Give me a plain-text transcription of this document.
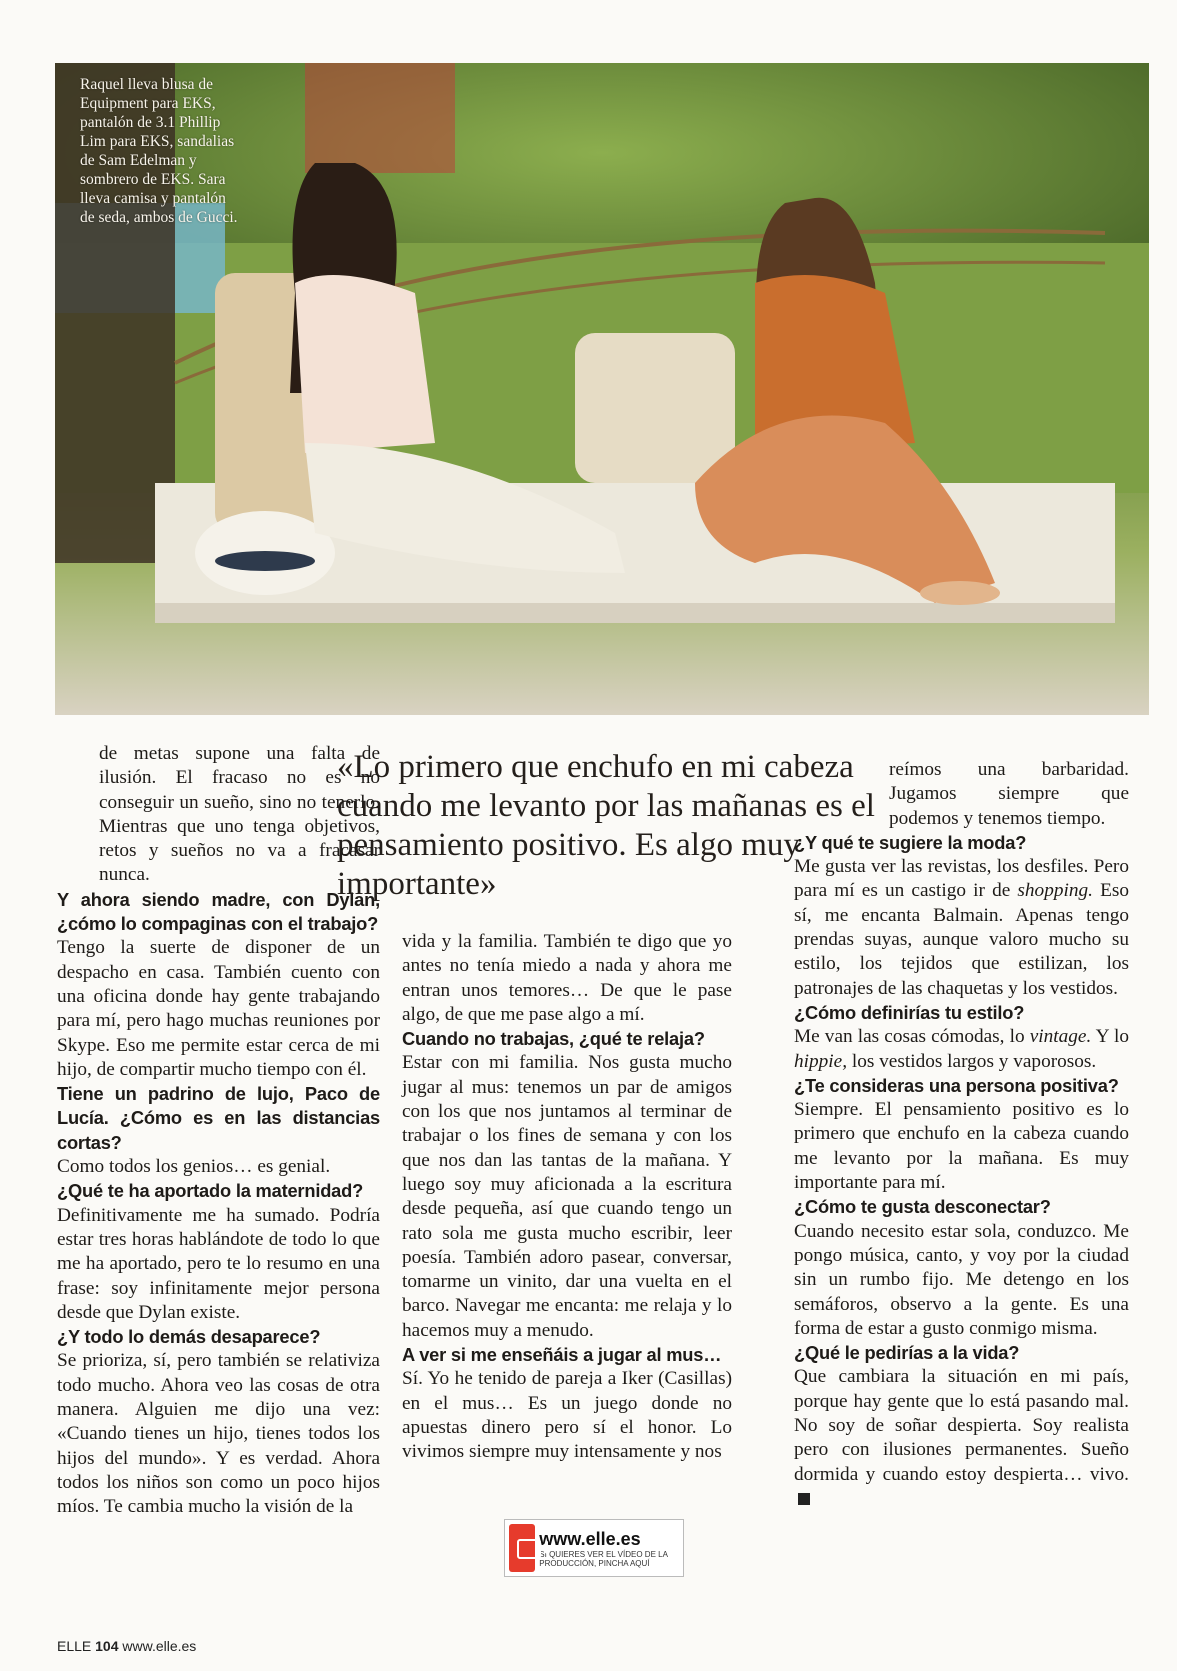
Raquel lleva blusa de Equipment para EKS, pantalón de 3.1 Phillip Lim para EKS, sandalias de Sam Edelman y sombrero de EKS. Sara lleva camisa y pantalón de seda, ambos de Gucci.
«Lo primero que enchufo en mi cabeza cuando me levanto por las mañanas es el pensamiento positivo. Es algo muy importante»

de metas supone una falta de ilusión. El fracaso no es no conseguir un sueño, sino no tenerlo. Mientras que uno tenga objetivos, retos y sueños no va a fracasar nunca.

Y ahora siendo madre, con Dylan, ¿cómo lo compaginas con el trabajo?

Tengo la suerte de disponer de un despacho en casa. También cuento con una oficina donde hay gente trabajando para mí, pero hago muchas reuniones por Skype. Eso me permite estar cerca de mi hijo, de compartir mucho tiempo con él.

Tiene un padrino de lujo, Paco de Lucía. ¿Cómo es en las distancias cortas?

Como todos los genios… es genial.

¿Qué te ha aportado la maternidad?

Definitivamente me ha sumado. Podría estar tres horas hablándote de todo lo que me ha aportado, pero te lo resumo en una frase: soy infinitamente mejor persona desde que Dylan existe.

¿Y todo lo demás desaparece?

Se prioriza, sí, pero también se relativiza todo mucho. Ahora veo las cosas de otra manera. Alguien me dijo una vez: «Cuando tienes un hijo, tienes todos los hijos del mundo». Y es verdad. Ahora todos los niños son como un poco hijos míos. Te cambia mucho la visión de la

vida y la familia. También te digo que yo antes no tenía miedo a nada y ahora me entran unos temores… De que le pase algo, de que me pase algo a mí.

Cuando no trabajas, ¿qué te relaja?

Estar con mi familia. Nos gusta mucho jugar al mus: tenemos un par de amigos con los que nos juntamos al terminar de trabajar o los fines de semana y con los que nos dan las tantas de la mañana. Y luego soy muy aficionada a la escritura desde pequeña, así que cuando tengo un rato sola me gusta mucho escribir, leer poesía. También adoro pasear, conversar, tomarme un vinito, dar una vuelta en el barco. Navegar me encanta: me relaja y lo hacemos muy a menudo.

A ver si me enseñáis a jugar al mus…

Sí. Yo he tenido de pareja a Iker (Casillas) en el mus… Es un juego donde no apuestas dinero pero sí el honor. Lo vivimos siempre muy intensamente y nos

reímos una barbaridad. Jugamos siempre que podemos y tenemos tiempo.

¿Y qué te sugiere la moda?

Me gusta ver las revistas, los desfiles. Pero para mí es un castigo ir de shopping. Eso sí, me encanta Balmain. Apenas tengo prendas suyas, aunque valoro mucho su estilo, los tejidos que estilizan, los patronajes de las chaquetas y los vestidos.

¿Cómo definirías tu estilo?

Me van las cosas cómodas, lo vintage. Y lo hippie, los vestidos largos y vaporosos.

¿Te consideras una persona positiva?

Siempre. El pensamiento positivo es lo primero que enchufo en la cabeza cuando me levanto por la mañana. Es muy importante para mí.

¿Cómo te gusta desconectar?

Cuando necesito estar sola, conduzco. Me pongo música, canto, y voy por la ciudad sin un rumbo fijo. Me detengo en los semáforos, observo a la gente. Es una forma de estar a gusto conmigo misma.

¿Qué le pedirías a la vida?

Que cambiara la situación en mi país, porque hay gente que lo está pasando mal. No soy de soñar despierta. Soy realista pero con ilusiones permanentes. Sueño dormida y cuando estoy despierta… vivo.

www.elle.es
SI QUIERES VER EL VÍDEO DE LA PRODUCCIÓN, PINCHA AQUÍ
ELLE 104 www.elle.es
